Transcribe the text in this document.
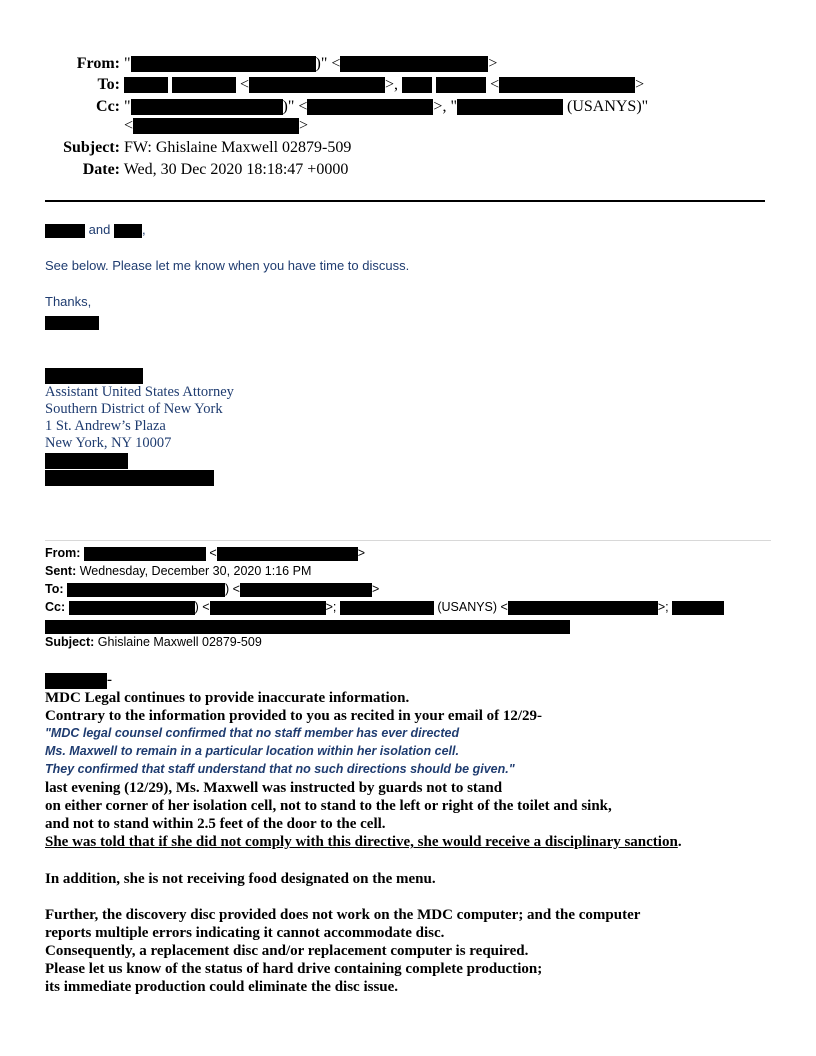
From: "	)" <	>
To:	<	>,	<	>
Cc: "	)" <	>, "	(USANYS)"
<	>
Subject: FW: Ghislaine Maxwell 02879-509
Date: Wed, 30 Dec 2020 18:18:47 +0000
and ,
See below. Please let me know when you have time to discuss.
Thanks,
Assistant United States Attorney
Southern District of New York
1 St. Andrew’s Plaza
New York, NY 10007
From:	<	>
Sent: Wednesday, December 30, 2020 1:16 PM
To:	) <	>
Cc:	) <	>;	(USANYS) <	>;
Subject: Ghislaine Maxwell 02879-509
-
MDC Legal continues to provide inaccurate information.
Contrary to the information provided to you as recited in your email of 12/29-
"MDC legal counsel confirmed that no staff member has ever directed
Ms. Maxwell to remain in a particular location within her isolation cell.
They confirmed that staff understand that no such directions should be given."
last evening (12/29), Ms. Maxwell was instructed by guards not to stand
on either corner of her isolation cell, not to stand to the left or right of the toilet and sink,
and not to stand within 2.5 feet of the door to the cell.
She was told that if she did not comply with this directive, she would receive a disciplinary sanction.
In addition, she is not receiving food designated on the menu.
Further, the discovery disc provided does not work on the MDC computer; and the computer
reports multiple errors indicating it cannot accommodate disc.
Consequently, a replacement disc and/or replacement computer is required.
Please let us know of the status of hard drive containing complete production;
its immediate production could eliminate the disc issue.
